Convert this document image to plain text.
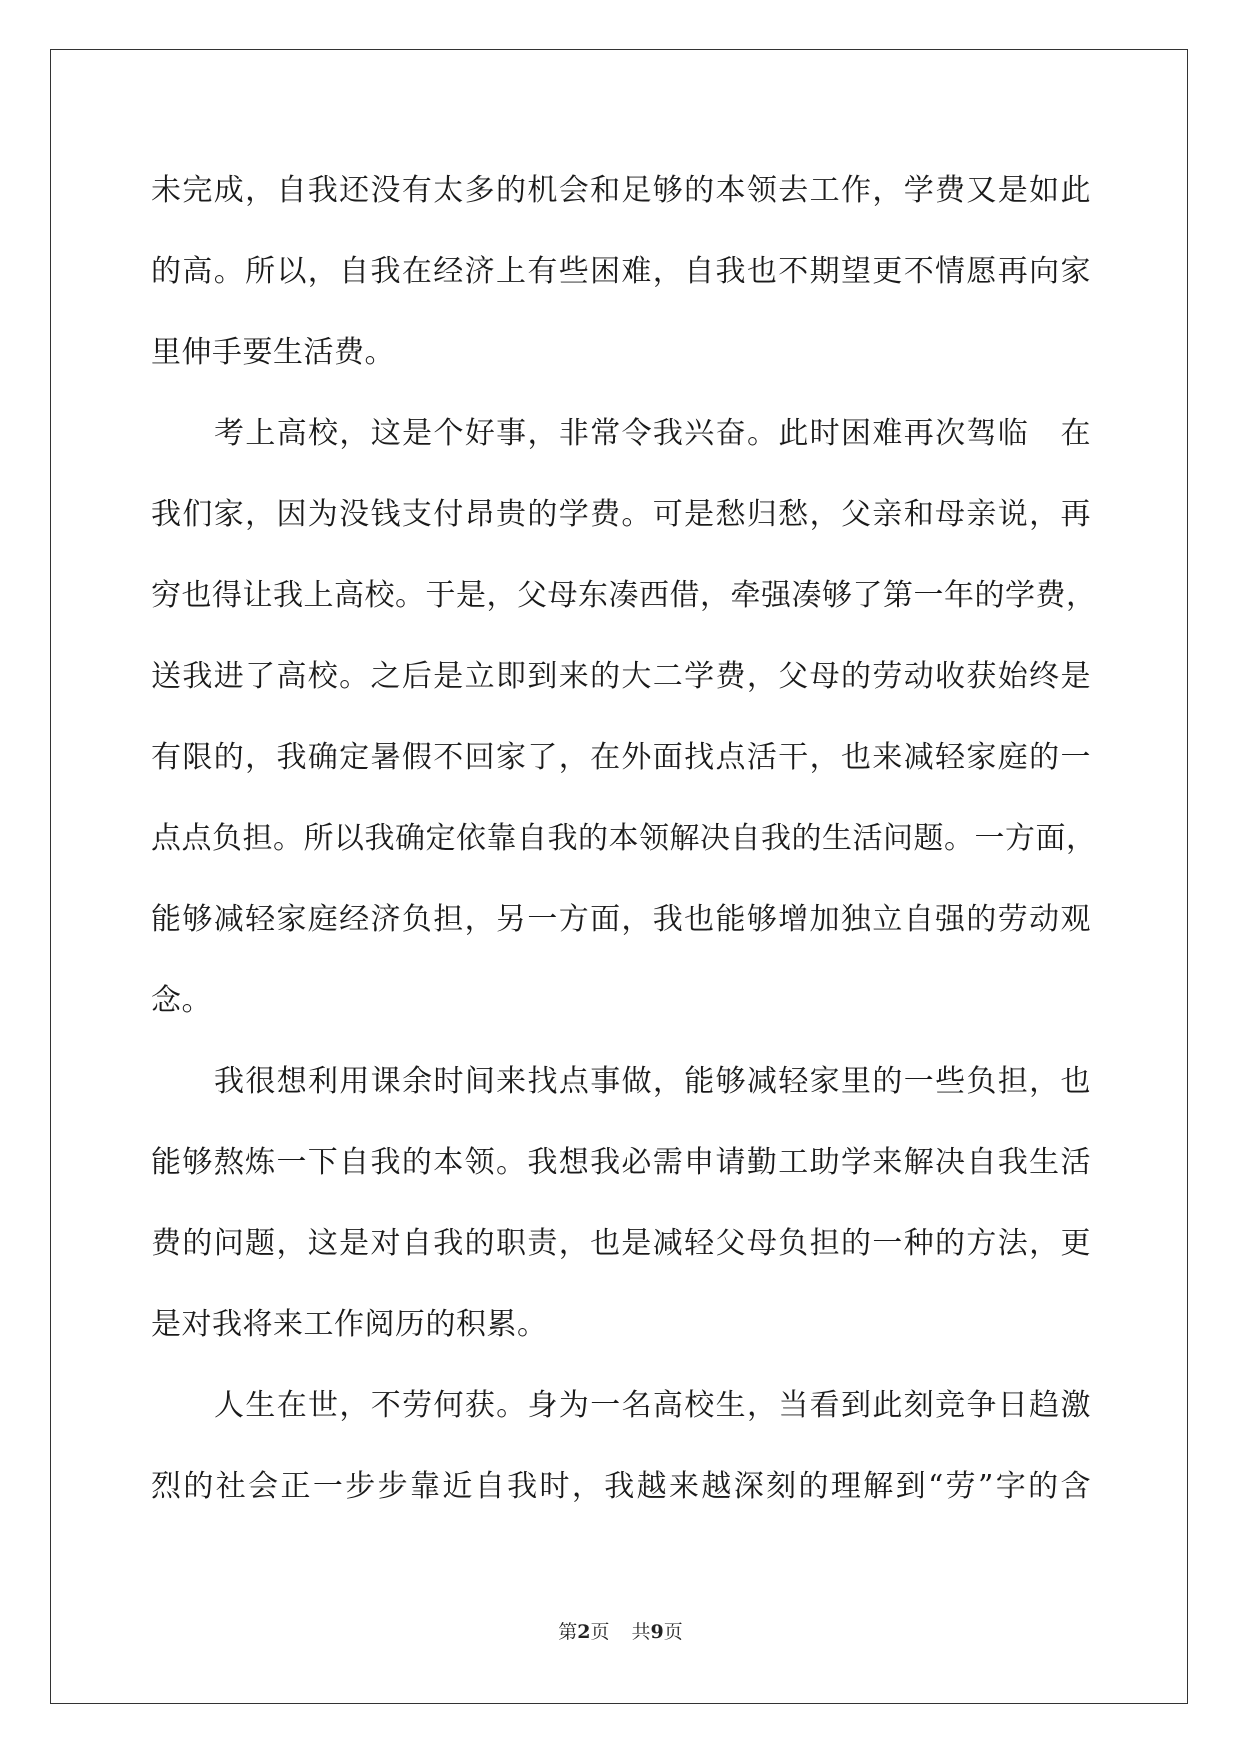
未完成，自我还没有太多的机会和足够的本领去工作，学费又是如此
的高。所以，自我在经济上有些困难，自我也不期望更不情愿再向家
里伸手要生活费。
考上高校，这是个好事，非常令我兴奋。此时困难再次驾临　在
我们家，因为没钱支付昂贵的学费。可是愁归愁，父亲和母亲说，再
穷也得让我上高校。于是，父母东凑西借，牵强凑够了第一年的学费，
送我进了高校。之后是立即到来的大二学费，父母的劳动收获始终是
有限的，我确定暑假不回家了，在外面找点活干，也来减轻家庭的一
点点负担。所以我确定依靠自我的本领解决自我的生活问题。一方面，
能够减轻家庭经济负担，另一方面，我也能够增加独立自强的劳动观
念。
我很想利用课余时间来找点事做，能够减轻家里的一些负担，也
能够熬炼一下自我的本领。我想我必需申请勤工助学来解决自我生活
费的问题，这是对自我的职责，也是减轻父母负担的一种的方法，更
是对我将来工作阅历的积累。
人生在世，不劳何获。身为一名高校生，当看到此刻竞争日趋激
烈的社会正一步步靠近自我时，我越来越深刻的理解到“劳”字的含
第2页 共9页
